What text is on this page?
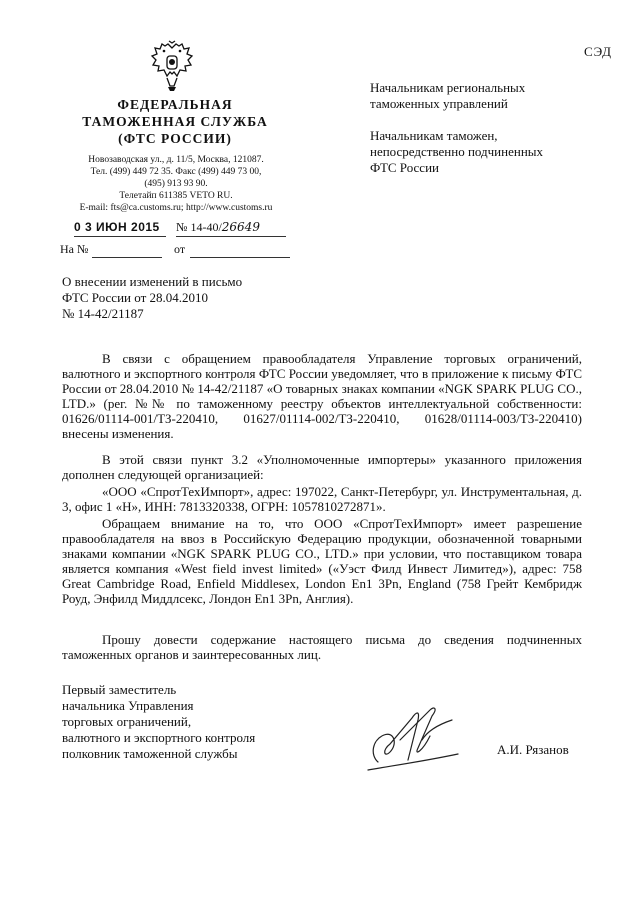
ФЕДЕРАЛЬНАЯ
ТАМОЖЕННАЯ СЛУЖБА
(ФТС РОССИИ)
Новозаводская ул., д. 11/5, Москва, 121087.
Тел. (499) 449 72 35. Факс (499) 449 73 00,
(495) 913 93 90.
Телетайп 611385 VETO RU.
E-mail: fts@ca.customs.ru; http://www.customs.ru
СЭД
0 3 ИЮН 2015 № 14-40/26649
На №	от
Начальникам региональных
таможенных управлений
Начальникам таможен,
непосредственно подчиненных
ФТС России
О внесении изменений в письмо
ФТС России от 28.04.2010
№ 14-42/21187
В связи с обращением правообладателя Управление торговых ограничений, валютного и экспортного контроля ФТС России уведомляет, что в приложение к письму ФТС России от 28.04.2010 № 14-42/21187 «О товарных знаках компании «NGK SPARK PLUG CO., LTD.» (рег. №№ по таможенному реестру объектов интеллектуальной собственности: 01626/01114-001/ТЗ-220410, 01627/01114-002/ТЗ-220410, 01628/01114-003/ТЗ-220410) внесены изменения.
В этой связи пункт 3.2 «Уполномоченные импортеры» указанного приложения дополнен следующей организацией:
«ООО «СпротТехИмпорт», адрес: 197022, Санкт-Петербург, ул. Инструментальная, д. 3, офис 1 «Н», ИНН: 7813320338, ОГРН: 1057810272871».
Обращаем внимание на то, что ООО «СпротТехИмпорт» имеет разрешение правообладателя на ввоз в Российскую Федерацию продукции, обозначенной товарными знаками компании «NGK SPARK PLUG CO., LTD.» при условии, что поставщиком товара является компания «West field invest limited» («Уэст Филд Инвест Лимитед»), адрес: 758 Great Cambridge Road, Enfield Middlesex, London En1 3Pn, England (758 Грейт Кембридж Роуд, Энфилд Миддлсекс, Лондон En1 3Pn, Англия).
Прошу довести содержание настоящего письма до сведения подчиненных таможенных органов и заинтересованных лиц.
Первый заместитель
начальника Управления
торговых ограничений,
валютного и экспортного контроля
полковник таможенной службы	А.И. Рязанов
